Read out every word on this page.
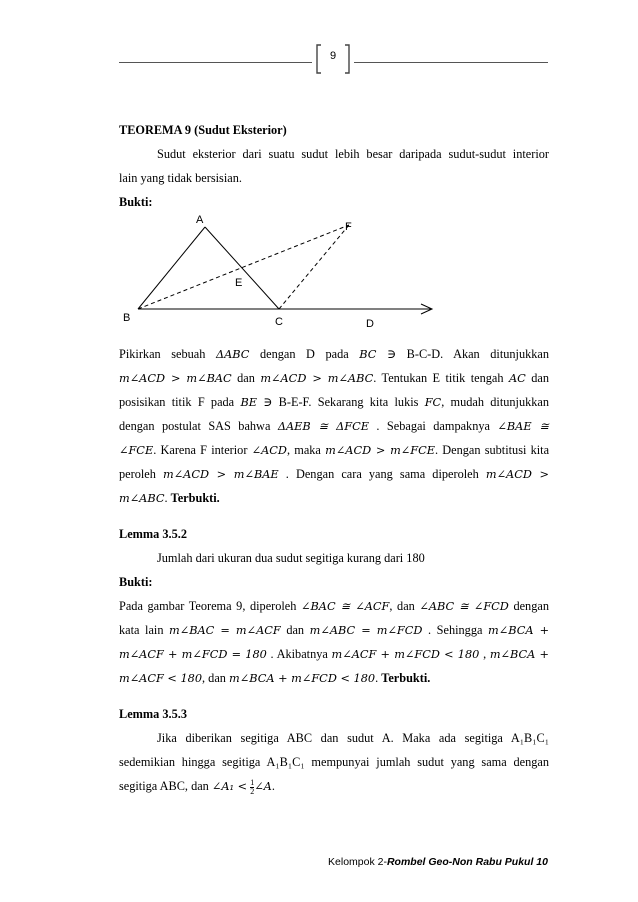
9
TEOREMA 9 (Sudut Eksterior)
Sudut eksterior dari suatu sudut lebih besar daripada sudut-sudut interior
lain yang tidak bersisian.
Bukti:
A
B	C	D
E
F
Pikirkan sebuah ΔABC dengan D pada BC ∋ B-C-D. Akan ditunjukkan
m∠ACD > m∠BAC dan m∠ACD > m∠ABC. Tentukan E titik tengah AC dan
posisikan titik F pada BE ∋ B-E-F. Sekarang kita lukis FC, mudah ditunjukkan
dengan postulat SAS bahwa ΔAEB ≅ ΔFCE . Sebagai dampaknya ∠BAE ≅
∠FCE. Karena F interior ∠ACD, maka m∠ACD > m∠FCE. Dengan subtitusi kita
peroleh m∠ACD > m∠BAE . Dengan cara yang sama diperoleh m∠ACD >
m∠ABC. Terbukti.
Lemma 3.5.2
Jumlah dari ukuran dua sudut segitiga kurang dari 180
Bukti:
Pada gambar Teorema 9, diperoleh ∠BAC ≅ ∠ACF, dan ∠ABC ≅ ∠FCD dengan
kata lain m∠BAC = m∠ACF dan m∠ABC = m∠FCD . Sehingga m∠BCA +
m∠ACF + m∠FCD = 180 . Akibatnya m∠ACF + m∠FCD < 180 , m∠BCA +
m∠ACF < 180, dan m∠BCA + m∠FCD < 180. Terbukti.
Lemma 3.5.3
Jika diberikan segitiga ABC dan sudut A. Maka ada segitiga A₁B₁C₁
sedemikian hingga segitiga A₁B₁C₁ mempunyai jumlah sudut yang sama dengan
segitiga ABC, dan ∠A₁ < $\frac{1}{2}$ ∠A.
Kelompok 2-Rombel Geo-Non Rabu Pukul 10
